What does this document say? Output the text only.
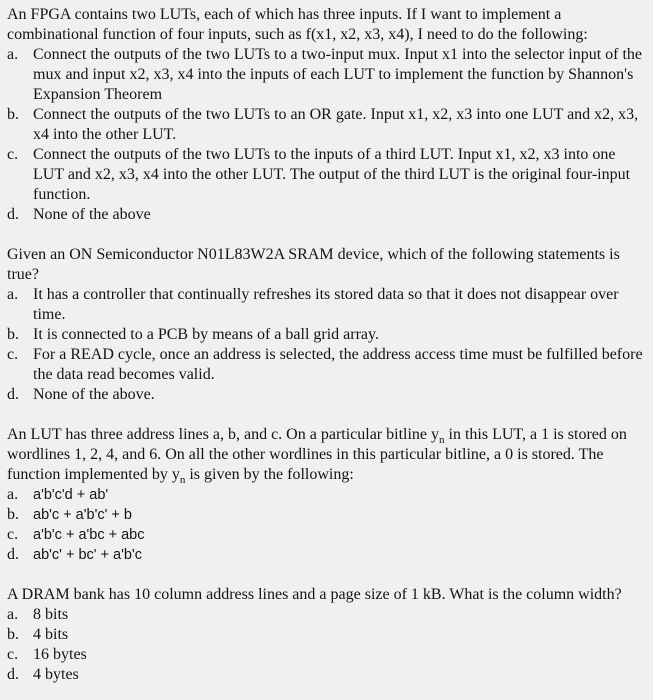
An FPGA contains two LUTs, each of which has three inputs. If I want to implement a combinational function of four inputs, such as f(x1, x2, x3, x4), I need to do the following:

a. Connect the outputs of the two LUTs to a two-input mux. Input x1 into the selector input of the mux and input x2, x3, x4 into the inputs of each LUT to implement the function by Shannon's Expansion Theorem
b. Connect the outputs of the two LUTs to an OR gate. Input x1, x2, x3 into one LUT and x2, x3, x4 into the other LUT.
c. Connect the outputs of the two LUTs to the inputs of a third LUT. Input x1, x2, x3 into one LUT and x2, x3, x4 into the other LUT. The output of the third LUT is the original four-input function.
d. None of the above

Given an ON Semiconductor N01L83W2A SRAM device, which of the following statements is true?

a. It has a controller that continually refreshes its stored data so that it does not disappear over time.
b. It is connected to a PCB by means of a ball grid array.
c. For a READ cycle, once an address is selected, the address access time must be fulfilled before the data read becomes valid.
d. None of the above.

An LUT has three address lines a, b, and c. On a particular bitline $y_n$ in this LUT, a 1 is stored on wordlines 1, 2, 4, and 6. On all the other wordlines in this particular bitline, a 0 is stored. The function implemented by $y_n$ is given by the following:

a.	a'b'c'd + ab'
b. ab'c + a'b'c' + b
c.	a'b'c + a'bc + abc
d. ab'c' + bc' + a'b'c

A DRAM bank has 10 column address lines and a page size of 1 kB. What is the column width?

a. 8 bits
b. 4 bits
c. 16 bytes
d. 4 bytes
